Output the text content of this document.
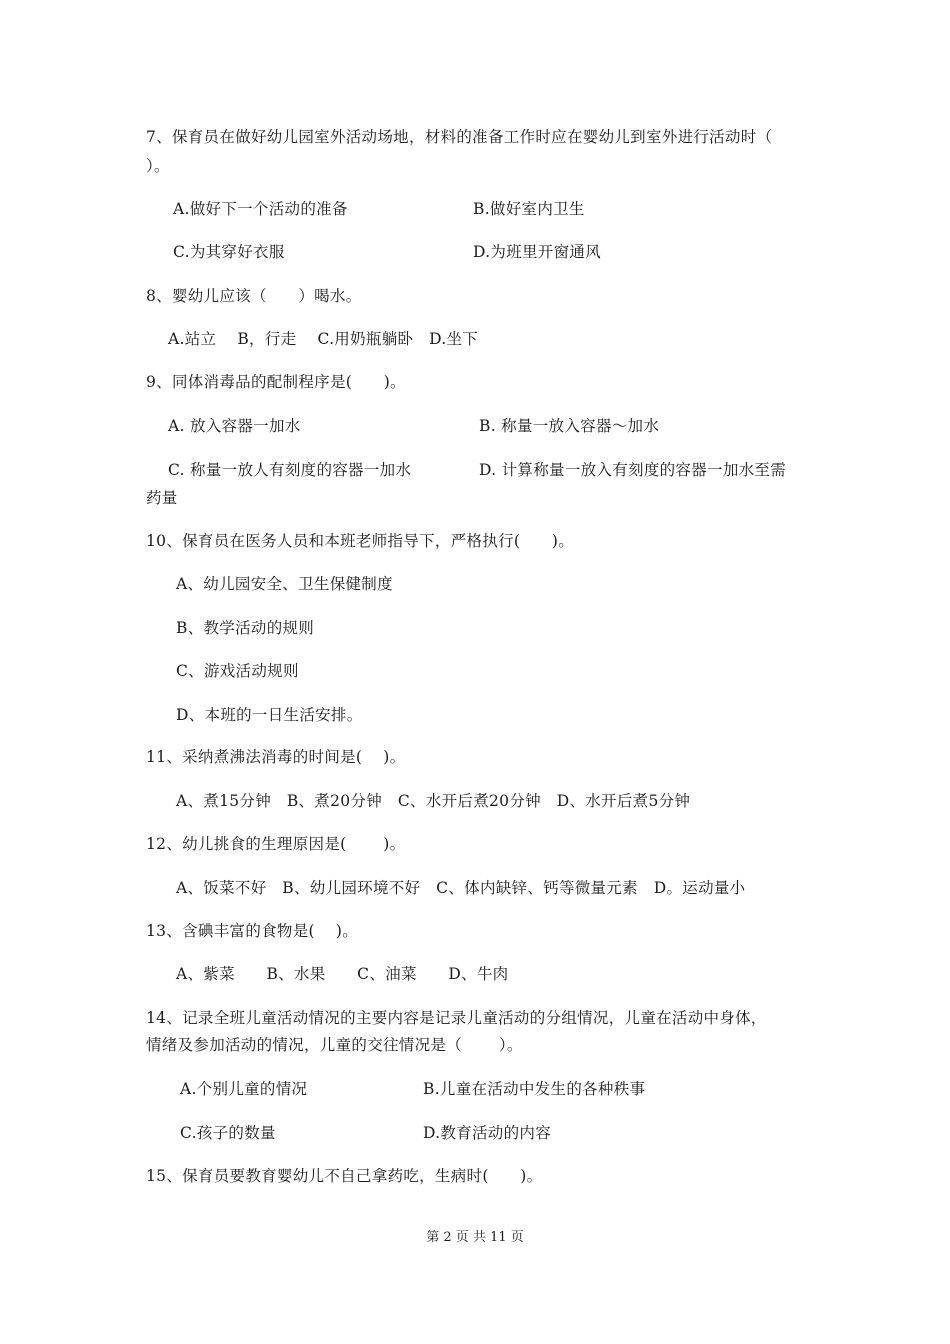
7、保育员在做好幼儿园室外活动场地，材料的准备工作时应在婴幼儿到室外进行活动时（
）。
A.做好下一个活动的准备	B.做好室内卫生
C.为其穿好衣服	D.为班里开窗通风
8、婴幼儿应该（　　）喝水。
A.站立　 B，行走　 C.用奶瓶躺卧　D.坐下
9、同体消毒品的配制程序是(　　)。
A. 放入容器一加水	B. 称量一放入容器～加水
C. 称量一放人有刻度的容器一加水	D. 计算称量一放入有刻度的容器一加水至需
药量
10、保育员在医务人员和本班老师指导下，严格执行(　　)。
A、幼儿园安全、卫生保健制度
B、教学活动的规则
C、游戏活动规则
D、本班的一日生活安排。
11、采纳煮沸法消毒的时间是(　 )。
A、煮15分钟　B、煮20分钟　C、水开后煮20分钟　D、水开后煮5分钟
12、幼儿挑食的生理原因是(　　 )。
A、饭菜不好　B、幼儿园环境不好　C、体内缺锌、钙等微量元素　D。运动量小
13、含碘丰富的食物是(　 )。
A、紫菜　　B、水果　　C、油菜　　D、牛肉
14、记录全班儿童活动情况的主要内容是记录儿童活动的分组情况，儿童在活动中身体，
情绪及参加活动的情况，儿童的交往情况是（　　 ）。
A.个别儿童的情况	B.儿童在活动中发生的各种秩事
C.孩子的数量	D.教育活动的内容
15、保育员要教育婴幼儿不自己拿药吃，生病时(　　)。
第 2 页 共 11 页
